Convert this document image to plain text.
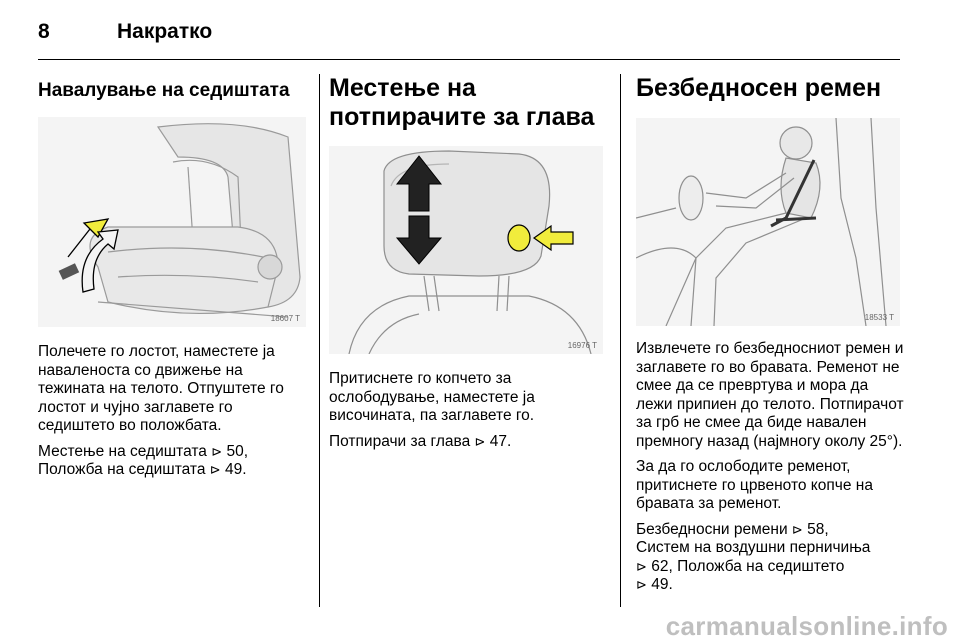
8	Накратко
Навалување на седиштата
18607 T

Полечете го лостот, наместете ја наваленоста со движење на тежината на телото. Отпуштете го лостот и чујно заглавете го седиштето во положбата.

Местење на седиштата ⊳ 50,
Положба на седиштата ⊳ 49.

Местење на потпирачите за глава
16976 T

Притиснете го копчето за ослободување, наместете ја височината, па заглавете го.

Потпирачи за глава ⊳ 47.

Безбедносен ремен
18533 T

Извлечете го безбедносниот ремен и заглавете го во бравата. Ременот не смее да се превртува и мора да лежи припиен до телото. Потпирачот за грб не смее да биде навален премногу назад (најмногу околу 25°).

За да го ослободите ременот, притиснете го црвеното копче на бравата за ременот.

Безбедносни ремени ⊳ 58,
Систем на воздушни перничиња
⊳ 62, Положба на седиштето
⊳ 49.

carmanualsonline.info
